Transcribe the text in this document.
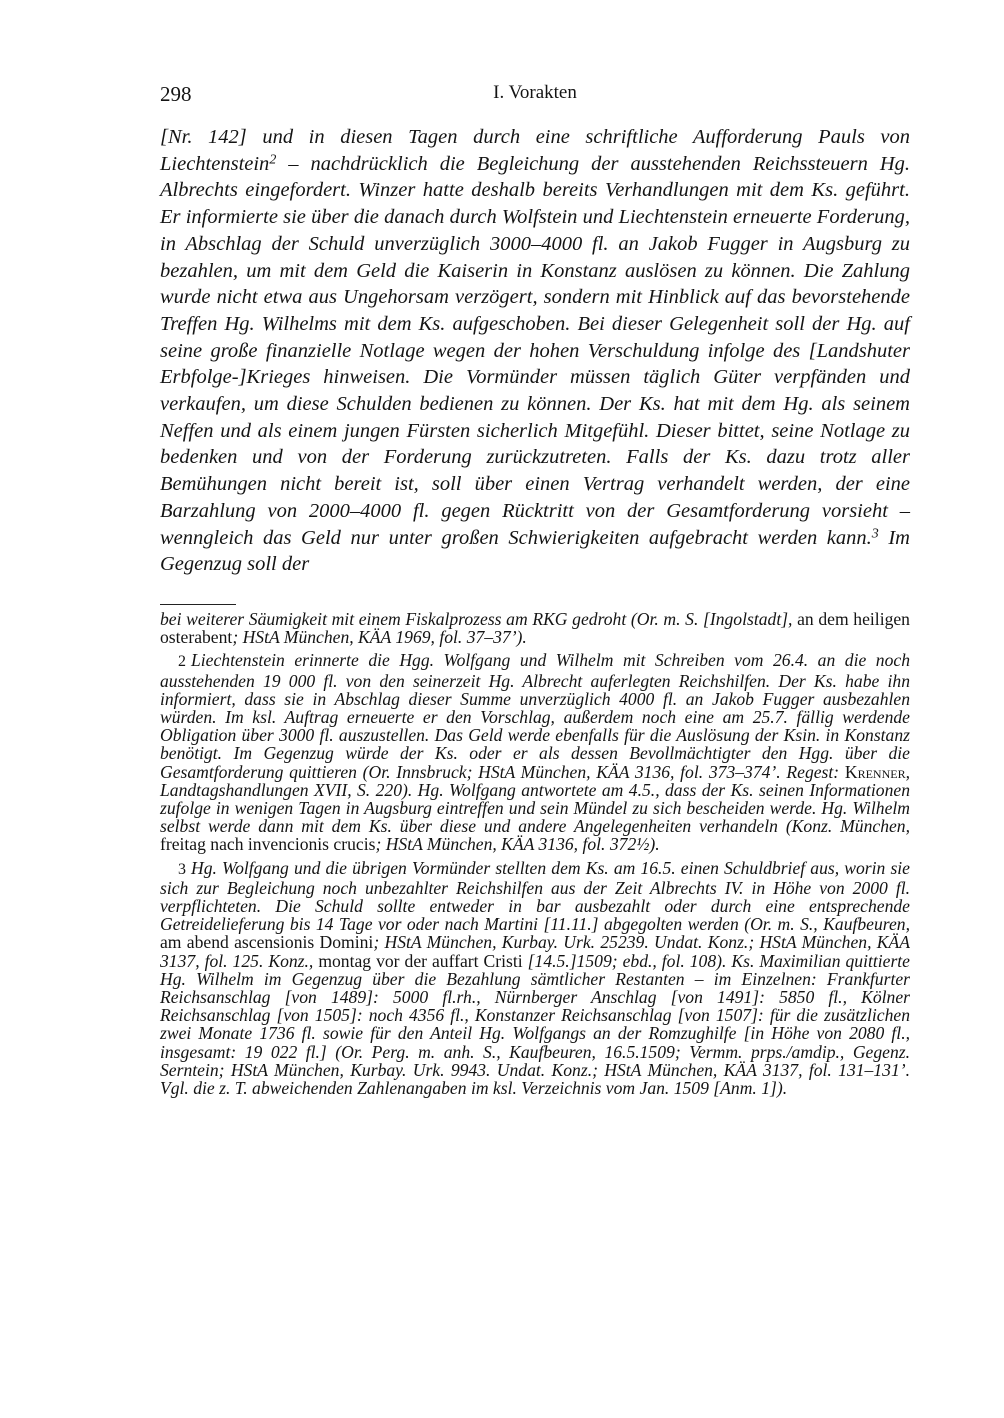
298	I. Vorakten

[Nr. 142] und in diesen Tagen durch eine schriftliche Aufforderung Pauls von Liechtenstein$^2$ – nachdrücklich die Begleichung der ausstehenden Reichssteuern Hg. Albrechts eingefordert. Winzer hatte deshalb bereits Verhandlungen mit dem Ks. geführt. Er informierte sie über die danach durch Wolfstein und Liechtenstein erneuerte Forderung, in Abschlag der Schuld unverzüglich 3000–4000 fl. an Jakob Fugger in Augsburg zu bezahlen, um mit dem Geld die Kaiserin in Konstanz auslösen zu können. Die Zahlung wurde nicht etwa aus Ungehorsam verzögert, sondern mit Hinblick auf das bevorstehende Treffen Hg. Wilhelms mit dem Ks. aufgeschoben. Bei dieser Gelegenheit soll der Hg. auf seine große finanzielle Notlage wegen der hohen Verschuldung infolge des [Landshuter Erbfolge-]Krieges hinweisen. Die Vormünder müssen täglich Güter verpfänden und verkaufen, um diese Schulden bedienen zu können. Der Ks. hat mit dem Hg. als seinem Neffen und als einem jungen Fürsten sicherlich Mitgefühl. Dieser bittet, seine Notlage zu bedenken und von der Forderung zurückzutreten. Falls der Ks. dazu trotz aller Bemühungen nicht bereit ist, soll über einen Vertrag verhandelt werden, der eine Barzahlung von 2000–4000 fl. gegen Rücktritt von der Gesamtforderung vorsieht – wenngleich das Geld nur unter großen Schwierigkeiten aufgebracht werden kann.$^3$ Im Gegenzug soll der

bei weiterer Säumigkeit mit einem Fiskalprozess am RKG gedroht (Or. m. S. [Ingolstadt], an dem heiligen osterabent; HStA München, KÄA 1969, fol. 37–37’).

2 Liechtenstein erinnerte die Hgg. Wolfgang und Wilhelm mit Schreiben vom 26.4. an die noch ausstehenden 19 000 fl. von den seinerzeit Hg. Albrecht auferlegten Reichshilfen. Der Ks. habe ihn informiert, dass sie in Abschlag dieser Summe unverzüglich 4000 fl. an Jakob Fugger ausbezahlen würden. Im ksl. Auftrag erneuerte er den Vorschlag, außerdem noch eine am 25.7. fällig werdende Obligation über 3000 fl. auszustellen. Das Geld werde ebenfalls für die Auslösung der Ksin. in Konstanz benötigt. Im Gegenzug würde der Ks. oder er als dessen Bevollmächtigter den Hgg. über die Gesamtforderung quittieren (Or. Innsbruck; HStA München, KÄA 3136, fol. 373–374’. Regest: Krenner, Landtagshandlungen XVII, S. 220). Hg. Wolfgang antwortete am 4.5., dass der Ks. seinen Informationen zufolge in wenigen Tagen in Augsburg eintreffen und sein Mündel zu sich bescheiden werde. Hg. Wilhelm selbst werde dann mit dem Ks. über diese und andere Angelegenheiten verhandeln (Konz. München, freitag nach invencionis crucis; HStA München, KÄA 3136, fol. 372½).

3 Hg. Wolfgang und die übrigen Vormünder stellten dem Ks. am 16.5. einen Schuldbrief aus, worin sie sich zur Begleichung noch unbezahlter Reichshilfen aus der Zeit Albrechts IV. in Höhe von 2000 fl. verpflichteten. Die Schuld sollte entweder in bar ausbezahlt oder durch eine entsprechende Getreidelieferung bis 14 Tage vor oder nach Martini [11.11.] abgegolten werden (Or. m. S., Kaufbeuren, am abend ascensionis Domini; HStA München, Kurbay. Urk. 25239. Undat. Konz.; HStA München, KÄA 3137, fol. 125. Konz., montag vor der auffart Cristi [14.5.]1509; ebd., fol. 108). Ks. Maximilian quittierte Hg. Wilhelm im Gegenzug über die Bezahlung sämtlicher Restanten – im Einzelnen: Frankfurter Reichsanschlag [von 1489]: 5000 fl.rh., Nürnberger Anschlag [von 1491]: 5850 fl., Kölner Reichsanschlag [von 1505]: noch 4356 fl., Konstanzer Reichsanschlag [von 1507]: für die zusätzlichen zwei Monate 1736 fl. sowie für den Anteil Hg. Wolfgangs an der Romzughilfe [in Höhe von 2080 fl., insgesamt: 19 022 fl.] (Or. Perg. m. anh. S., Kaufbeuren, 16.5.1509; Vermm. prps./amdip., Gegenz. Serntein; HStA München, Kurbay. Urk. 9943. Undat. Konz.; HStA München, KÄA 3137, fol. 131–131’. Vgl. die z. T. abweichenden Zahlenangaben im ksl. Verzeichnis vom Jan. 1509 [Anm. 1]).
